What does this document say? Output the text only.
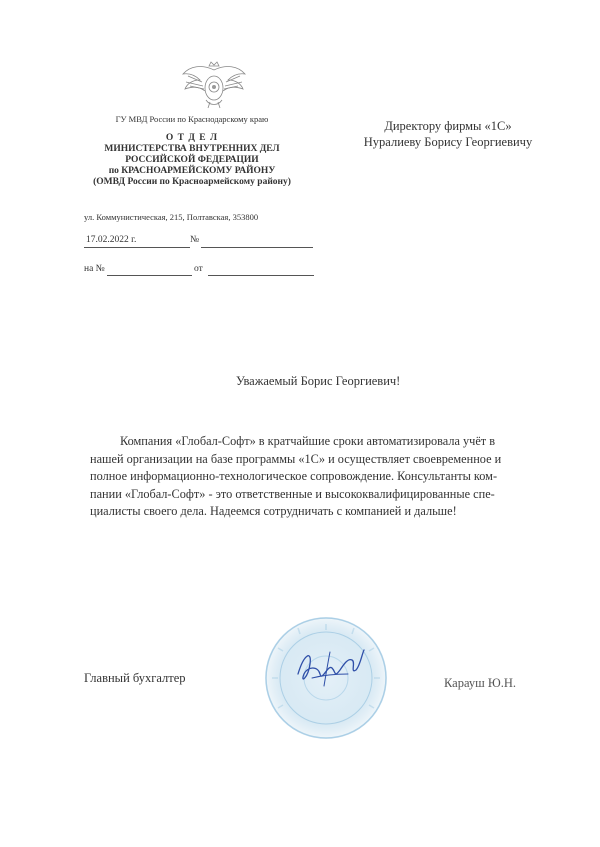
ГУ МВД России по Краснодарскому краю
О Т Д Е Л
МИНИСТЕРСТВА ВНУТРЕННИХ ДЕЛ
РОССИЙСКОЙ ФЕДЕРАЦИИ
по КРАСНОАРМЕЙСКОМУ РАЙОНУ
(ОМВД России по Красноармейскому району)
ул. Коммунистическая, 215, Полтавская, 353800
17.02.2022 г.	№
на №	от
Директору фирмы «1С»
Нуралиеву Борису Георгиевичу
Уважаемый Борис Георгиевич!
Компания «Глобал-Софт» в кратчайшие сроки автоматизировала учёт в
нашей организации на базе программы «1С» и осуществляет своевременное и
полное информационно-технологическое сопровождение. Консультанты ком-
пании «Глобал-Софт» - это ответственные и высококвалифицированные спе-
циалисты своего дела. Надеемся сотрудничать с компанией и дальше!
Главный бухгалтер	Карауш Ю.Н.
